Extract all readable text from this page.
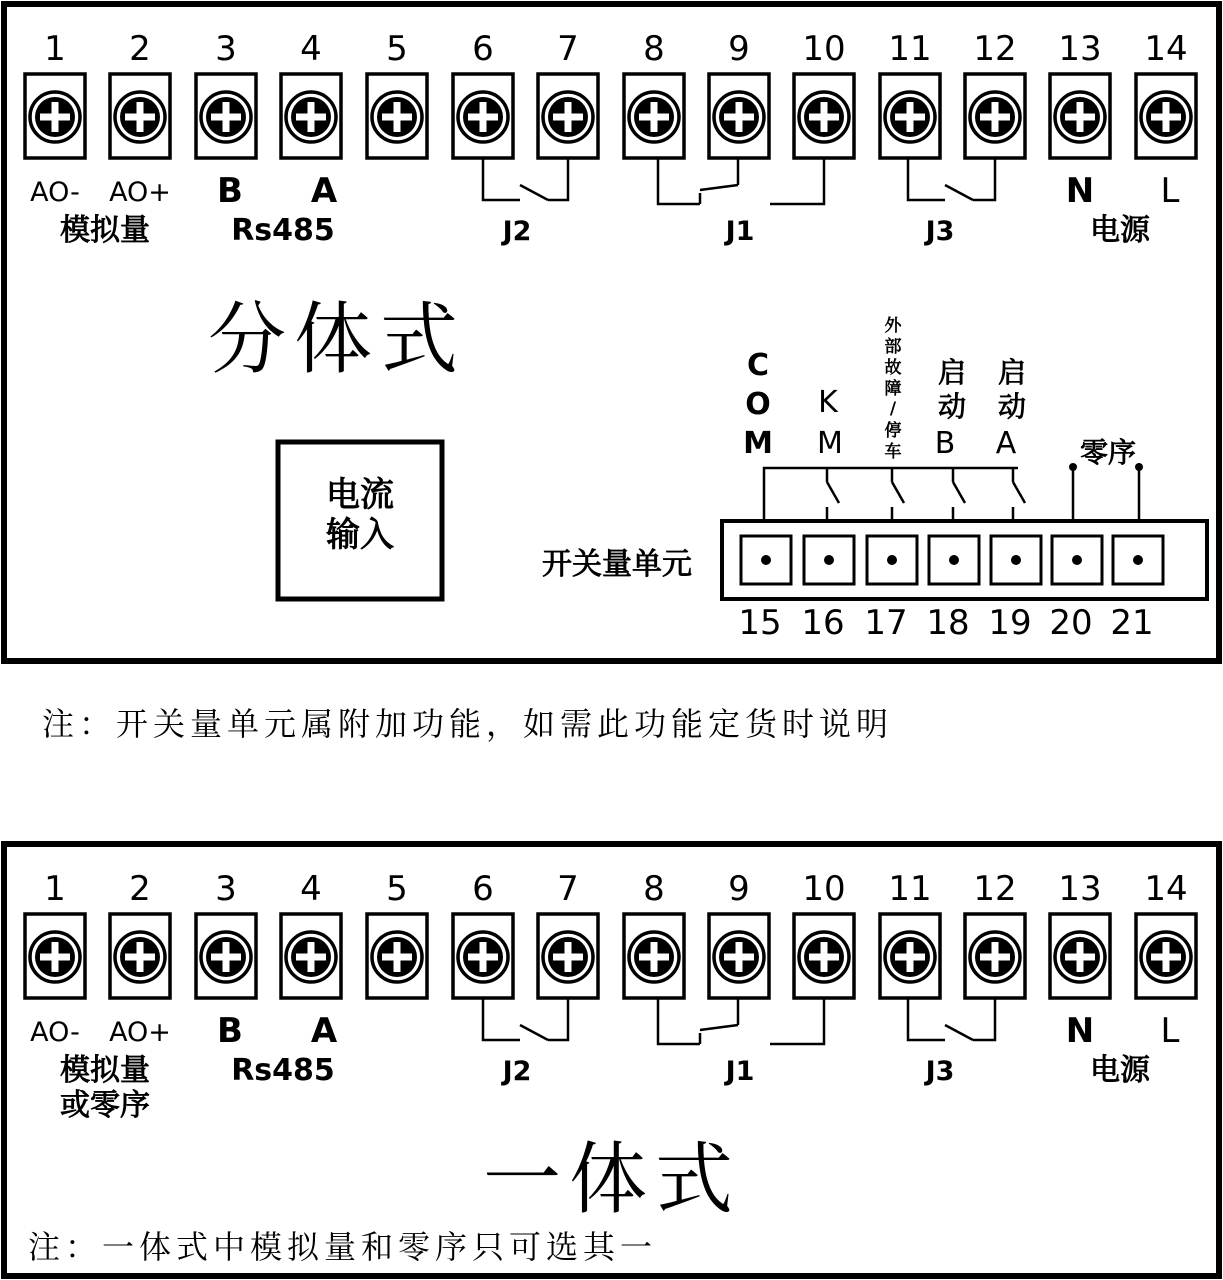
1 2 3 4 5 6 7 8 9 10 11 12 13 14
AO- AO+ B A
模拟量	Rs485	J2	J1	J3
N L
电源
分体式
电流
输入
开关量单元
15 16 17 18 19 20 21
C
O
M
K
M
外
部
故
障
/
停
车
启
动
B
启
动
A 零序
注：开关量单元属附加功能，如需此功能定货时说明
1 2 3 4 5 6 7 8 9 10 11 12 13 14
AO- AO+ B A
模拟量
或零序
Rs485	J2	J1	J3
N L
电源
一体式
注：一体式中模拟量和零序只可选其一
